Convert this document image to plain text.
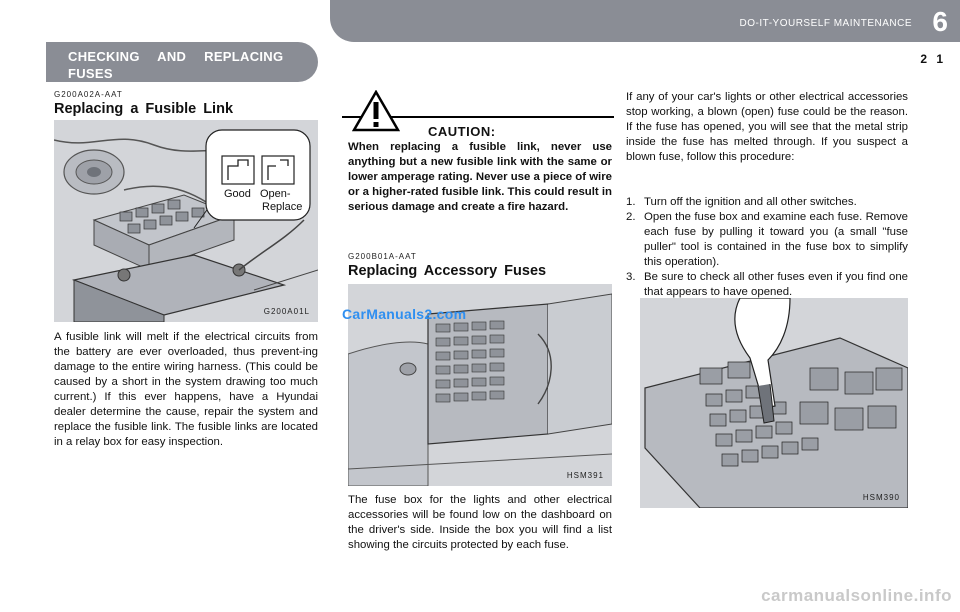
DO-IT-YOURSELF MAINTENANCE 6
2 1
CHECKING AND REPLACING FUSES
G200A02A-AAT
Replacing a Fusible Link
Good Open-
Replace
G200A01L
A fusible link will melt if the electrical circuits from the battery are ever overloaded, thus prevent-ing damage to the entire wiring harness. (This could be caused by a short in the system drawing too much current.) If this ever happens, have a Hyundai dealer determine the cause, repair the system and replace the fusible link. The fusible links are located in a relay box for easy inspection.
CAUTION:
When replacing a fusible link, never use anything but a new fusible link with the same or lower amperage rating. Never use a piece of wire or a higher-rated fusible link. This could result in serious damage and create a fire hazard.
G200B01A-AAT
Replacing Accessory Fuses
HSM391
CarManuals2.com
The fuse box for the lights and other electrical accessories will be found low on the dashboard on the driver's side. Inside the box you will find a list showing the circuits protected by each fuse.
If any of your car's lights or other electrical accessories stop working, a blown (open) fuse could be the reason. If the fuse has opened, you will see that the metal strip inside the fuse has melted through. If you suspect a blown fuse, follow this procedure:
1. Turn off the ignition and all other switches.
2. Open the fuse box and examine each fuse. Remove each fuse by pulling it toward you (a small "fuse puller" tool is contained in the fuse box to simplify this operation).
3. Be sure to check all other fuses even if you find one that appears to have opened.
HSM390
carmanualsonline.info
